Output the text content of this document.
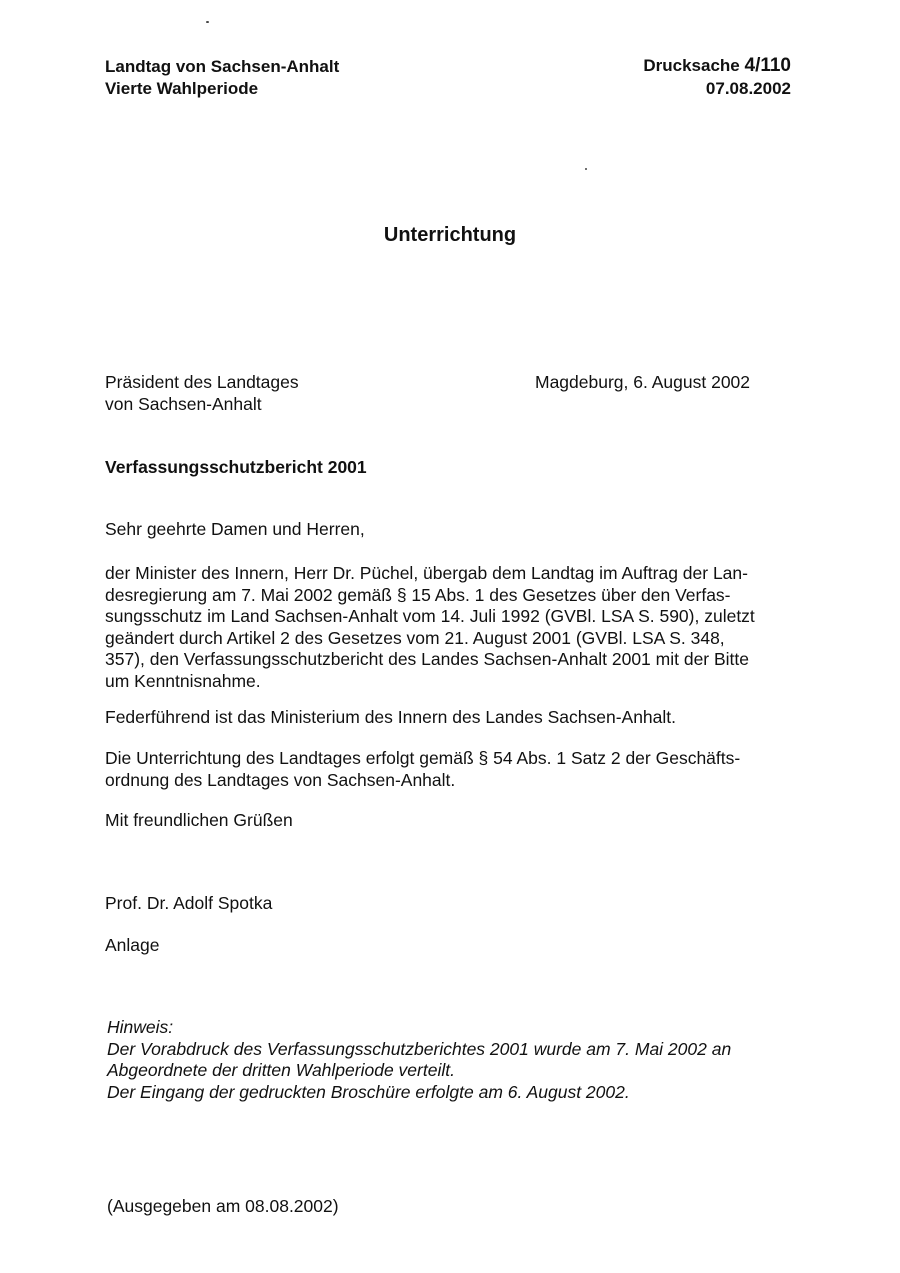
Landtag von Sachsen-Anhalt
Vierte Wahlperiode
Drucksache 4/110
07.08.2002
Unterrichtung
Präsident des Landtages
von Sachsen-Anhalt
Magdeburg, 6. August 2002
Verfassungsschutzbericht 2001
Sehr geehrte Damen und Herren,
der Minister des Innern, Herr Dr. Püchel, übergab dem Landtag im Auftrag der Lan-
desregierung am 7. Mai 2002 gemäß § 15 Abs. 1 des Gesetzes über den Verfas-
sungsschutz im Land Sachsen-Anhalt vom 14. Juli 1992 (GVBl. LSA S. 590), zuletzt
geändert durch Artikel 2 des Gesetzes vom 21. August 2001 (GVBl. LSA S. 348,
357), den Verfassungsschutzbericht des Landes Sachsen-Anhalt 2001 mit der Bitte
um Kenntnisnahme.
Federführend ist das Ministerium des Innern des Landes Sachsen-Anhalt.
Die Unterrichtung des Landtages erfolgt gemäß § 54 Abs. 1 Satz 2 der Geschäfts-
ordnung des Landtages von Sachsen-Anhalt.
Mit freundlichen Grüßen
Prof. Dr. Adolf Spotka
Anlage
Hinweis:
Der Vorabdruck des Verfassungsschutzberichtes 2001 wurde am 7. Mai 2002 an
Abgeordnete der dritten Wahlperiode verteilt.
Der Eingang der gedruckten Broschüre erfolgte am 6. August 2002.
(Ausgegeben am 08.08.2002)
